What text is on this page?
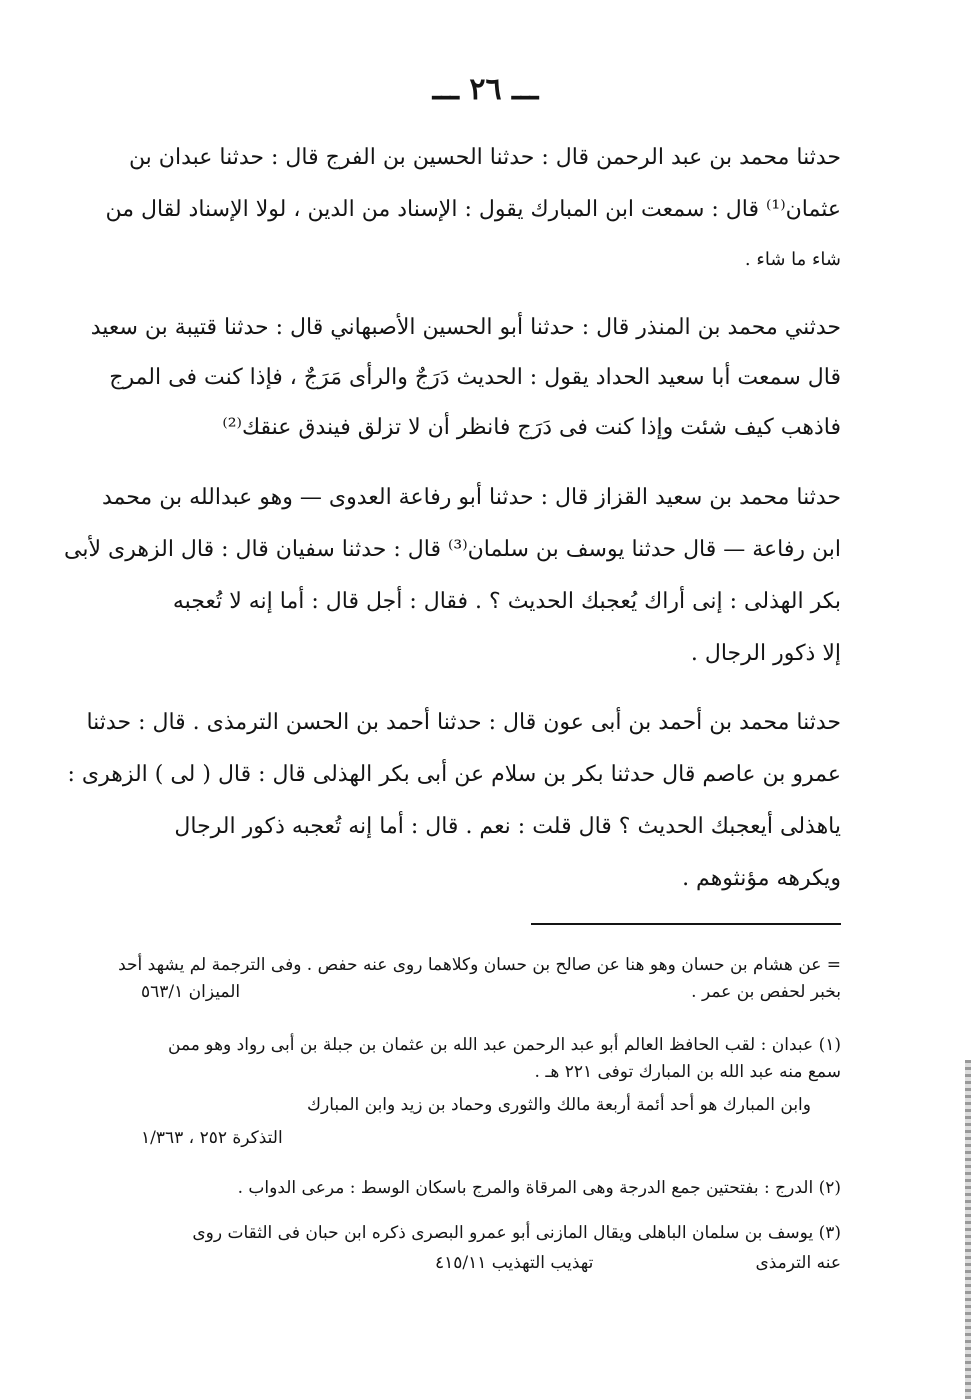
ـــ ٢٦ ـــ
حدثنا محمد بن عبد الرحمن قال : حدثنا الحسين بن الفرج قال : حدثنا عبدان بن
عثمان⁽¹⁾ قال : سمعت ابن المبارك يقول : الإسناد من الدين ، لولا الإسناد لقال من
شاء ما شاء .
حدثني محمد بن المنذر قال : حدثنا أبو الحسين الأصبهاني قال : حدثنا قتيبة بن سعيد
قال سمعت أبا سعيد الحداد يقول : الحديث دَرَجٌ والرأى مَرَجٌ ، فإذا كنت فى المرج
فاذهب كيف شئت وإذا كنت فى دَرَج فانظر أن لا تزلق فيندق عنقك⁽²⁾
حدثنا محمد بن سعيد القزاز قال : حدثنا أبو رفاعة العدوى — وهو عبدالله بن محمد
ابن رفاعة — قال حدثنا يوسف بن سلمان⁽³⁾ قال : حدثنا سفيان قال : قال الزهرى لأبى
بكر الهذلى : إنى أراك يُعجبك الحديث ؟ . فقال : أجل قال : أما إنه لا تُعجبه
إلا ذكور الرجال .
حدثنا محمد بن أحمد بن أبى عون قال : حدثنا أحمد بن الحسن الترمذى . قال : حدثنا
عمرو بن عاصم قال حدثنا بكر بن سلام عن أبى بكر الهذلى قال : قال ( لى ) الزهرى :
ياهذلى أيعجبك الحديث ؟ قال قلت : نعم . قال : أما إنه تُعجبه ذكور الرجال
ويكرهه مؤنثوهم .
= عن هشام بن حسان وهو هنا عن صالح بن حسان وكلاهما روى عنه حفص . وفى الترجمة لم يشهد أحد
بخبر لحفص بن عمر .
الميزان ٥٦٣/١
(١) عبدان : لقب الحافظ العالم أبو عبد الرحمن عبد الله بن عثمان بن جبلة بن أبى رواد وهو ممن
سمع منه عبد الله بن المبارك توفى ٢٢١ هـ .
وابن المبارك هو أحد أئمة أربعة مالك والثورى وحماد بن زيد وابن المبارك
التذكرة ٢٥٢ ، ١/٣٦٣
(٢) الدرج : بفتحتين جمع الدرجة وهى المرقاة والمرج باسكان الوسط : مرعى الدواب .
(٣) يوسف بن سلمان الباهلى ويقال المازنى أبو عمرو البصرى ذكره ابن حبان فى الثقات روى
عنه الترمذى
تهذيب التهذيب ٤١٥/١١
